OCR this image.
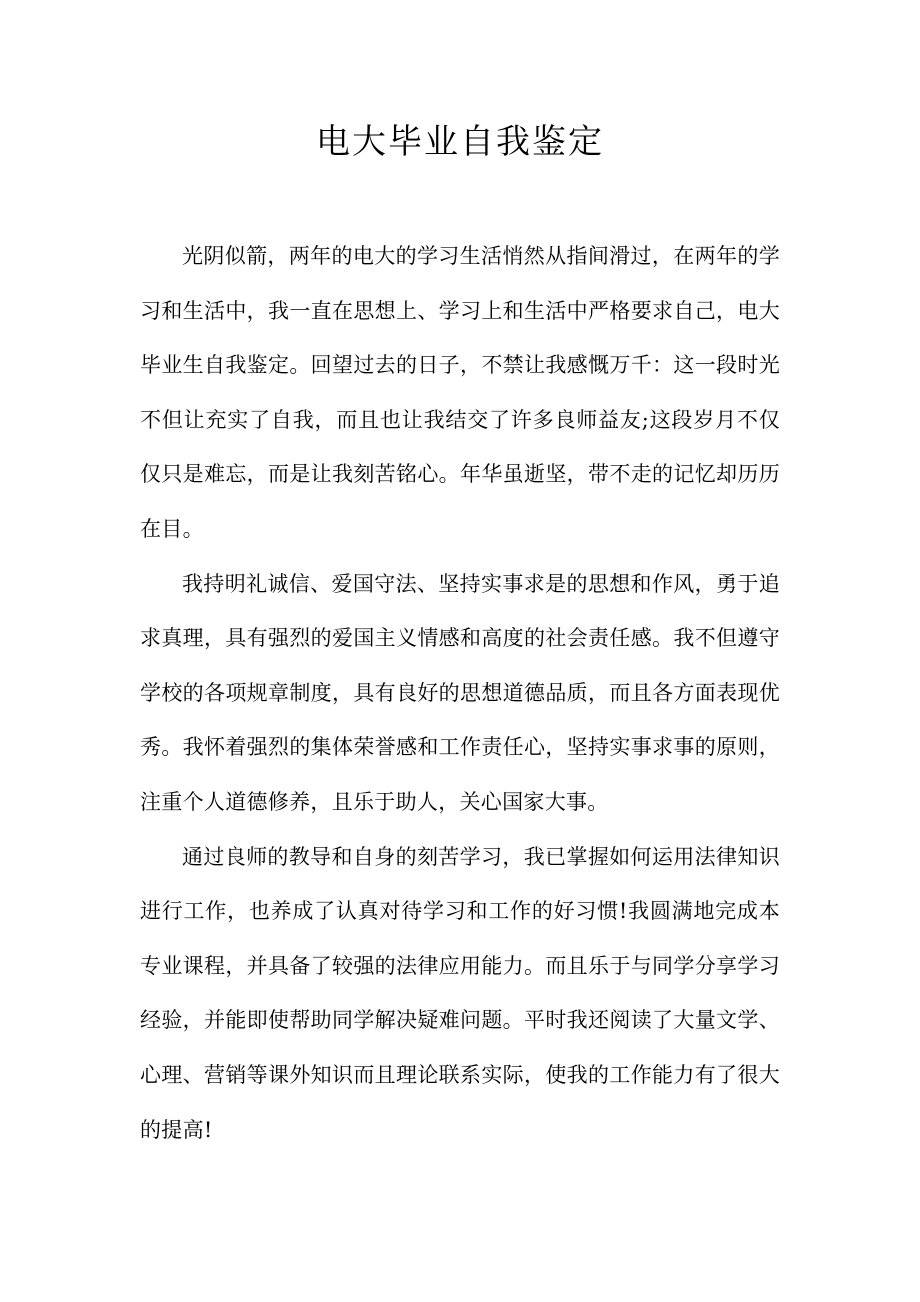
电大毕业自我鉴定

光阴似箭，两年的电大的学习生活悄然从指间滑过，在两年的学习和生活中，我一直在思想上、学习上和生活中严格要求自己，电大毕业生自我鉴定。回望过去的日子，不禁让我感慨万千：这一段时光不但让充实了自我，而且也让我结交了许多良师益友;这段岁月不仅仅只是难忘，而是让我刻苦铭心。年华虽逝坚，带不走的记忆却历历在目。

我持明礼诚信、爱国守法、坚持实事求是的思想和作风，勇于追求真理，具有强烈的爱国主义情感和高度的社会责任感。我不但遵守学校的各项规章制度，具有良好的思想道德品质，而且各方面表现优秀。我怀着强烈的集体荣誉感和工作责任心，坚持实事求事的原则，注重个人道德修养，且乐于助人，关心国家大事。

通过良师的教导和自身的刻苦学习，我已掌握如何运用法律知识进行工作，也养成了认真对待学习和工作的好习惯!我圆满地完成本专业课程，并具备了较强的法律应用能力。而且乐于与同学分享学习经验，并能即使帮助同学解决疑难问题。平时我还阅读了大量文学、心理、营销等课外知识而且理论联系实际，使我的工作能力有了很大的提高!
